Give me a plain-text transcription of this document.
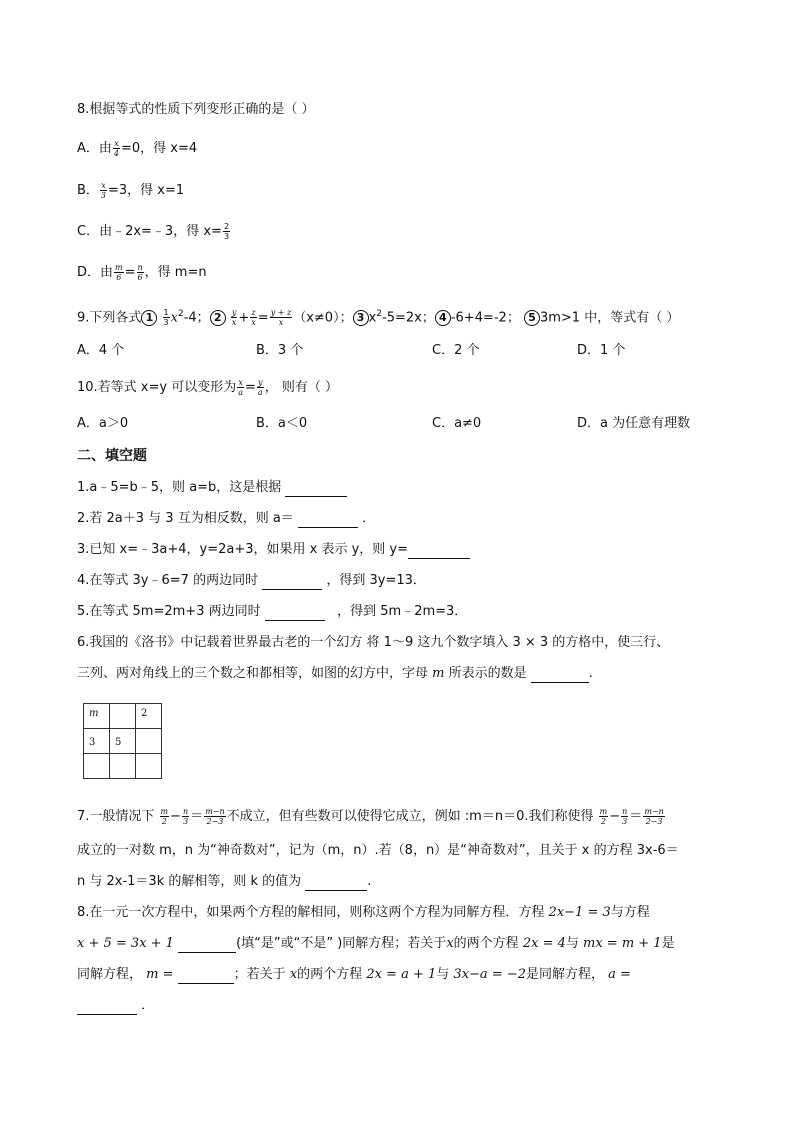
8.根据等式的性质下列变形正确的是（ ）
A．由 $\frac{x}{4} =0$，得 x=4
B． $\frac{x}{3} =3$，得 x=1
C．由﹣2x=﹣3，得 $x= \frac{2}{3}$
D．由 $\frac{m}{6} = \frac{n}{6}$ ，得 m=n
9.下列各式 $1 \frac{1}{3} x^2-4$； $2 \frac{y}{x} + \frac{z}{x} = \frac{y + z}{x} (x\ne 0)$； 3 $x^2-5=2x$； 4 -6+4=-2； 5 3m>1 中，等式有（ ）
A．4 个	B．3 个	C．2 个	D．1 个
10.若等式 x=y 可以变形为 $\frac{x}{a} = \frac{y}{a}$ ， 则有（ ）
A．a＞0	B．a＜0	C．a≠0	D．a 为任意有理数
二、填空题
1.a﹣5=b﹣5，则 a=b，这是根据
2.若 2a＋3 与 3 互为相反数，则 a＝	．
3.已知 x=﹣3a+4，y=2a+3，如果用 x 表示 y，则 y=
4.在等式 3y﹣6=7 的两边同时	，得到 3y=13．
5.在等式 5m=2m+3 两边同时	，得到 5m﹣2m=3．
6.我国的《洛书》中记载着世界最古老的一个幻方 将 1～9 这九个数字填入 3 × 3 的方格中，使三行、
三列、两对角线上的三个数之和都相等，如图的幻方中，字母 m 所表示的数是	.
m		2
3	5	

7.一般情况下 $\frac{m}{2} - \frac{n}{3} = \frac{m-n}{2-3}$ 不成立，但有些数可以使得它成立，例如 :m＝n＝0.我们称使得 $\frac{m}{2} - \frac{n}{3} = \frac{m-n}{2-3}$
成立的一对数 m，n 为“神奇数对”，记为（m，n）.若（8，n）是“神奇数对”，且关于 x 的方程 3x-6＝
n 与 2x-1＝3k 的解相等，则 k 的值为	.
8.在一元一次方程中，如果两个方程的解相同，则称这两个方程为同解方程．方程 2x−1 = 3与方程
x + 5 = 3x + 1	(填“是”或“不是” )同解方程；若关于x的两个方程 2x = 4与 mx = m + 1是
同解方程， m =	；若关于 x的两个方程 2x = a + 1与 3x−a = −2是同解方程， a =
．
